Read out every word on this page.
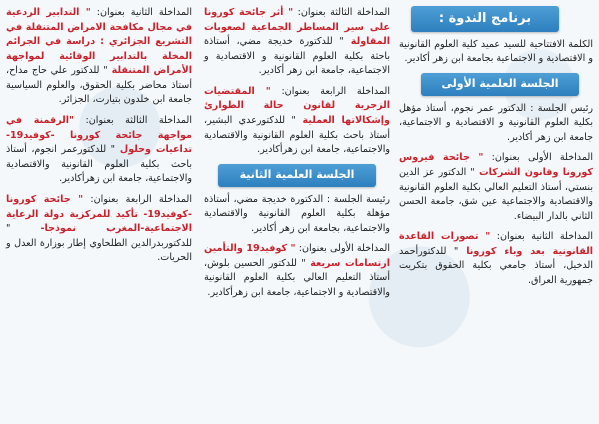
برنامج الندوة :

الكلمة الافتتاحية للسيد عميد كلية العلوم القانونية و الاقتصادية و الاجتماعية بجامعة ابن زهر أكادير.

الجلسة العلمية الأولى

رئيس الجلسة : الدكتور عمر نجوم، أستاذ مؤهل بكلية العلوم القانونية و الاقتصادية و الاجتماعية، جامعة ابن زهر أكادير.

المداخلة الأولى بعنوان: " جائحة فيروس كورونا وقانون الشركات " الدكتور عز الدين بنستي، أستاذ التعليم العالي بكلية العلوم القانونية والاقتصادية والاجتماعية عين شق، جامعة الحسن الثاني بالدار البيضاء.

المداخلة الثانية بعنوان: " تصورات القاعدة القانونية بعد وباء كورونا " للدكتورأحمد الدخيل، أستاذ جامعي بكلية الحقوق بتكريت جمهورية العراق.

المداخلة الثالثة بعنوان: " أثر جائحة كورونا على سير المساطر الجماعية لصعوبات المقاولة " للدكتورة خديجة مضي، أستاذة باحثة بكلية العلوم القانونية و الاقتصادية و الاجتماعية، جامعة ابن زهر أكادير.

المداخلة الرابعة بعنوان: " المقتضيات الزجرية لقانون حالة الطوارئ وإشكالاتها العملية " للدكتورعدي البشير، أستاذ باحث بكلية العلوم القانونية والاقتصادية والاجتماعية، جامعة ابن زهرأكادير.

الجلسة العلمية الثانية

رئيسة الجلسة : الدكتورة خديجة مضي، أستاذة مؤهلة بكلية العلوم القانونية والاقتصادية والاجتماعية، بجامعة ابن زهر أكادير.

المداخلة الأولى بعنوان: " كوفيد19 والتأمين ارتسامات سريعة " للدكتور الحسين بلوش، أستاذ التعليم العالي بكلية العلوم القانونية والاقتصادية و الاجتماعية، جامعة ابن زهرأكادير.

المداخلة الثانية بعنوان: " التدابير الردعية في مجال مكافحة الامراض المتنقلة في التشريع الجزائري : دراسة في الجرائم المخلة بالتدابير الوقائية لمواجهة الأمراض المتنقلة " للدكتور علي حاج مداح، أستاذ محاضر بكلية الحقوق، والعلوم السياسية جامعة ابن خلدون بتيارت، الجزائر.

المداخلة الثالثة بعنوان: "الرقمنة في مواجهة جائحة كورونا -كوفيد19- تداعيات وحلول " للدكتورعمر انجوم، أستاذ باحث بكلية العلوم القانونية والاقتصادية والاجتماعية، جامعة ابن زهرأكادير.

المداخلة الرابعة بعنوان: " جائحة كورونا -كوفيد19- تأكيد للمركزية دولة الرعاية الاجتماعية-المغرب نموذجا- " للدكتوربدرالدين الطلحاوي إطار بوزارة العدل و الحريات.
